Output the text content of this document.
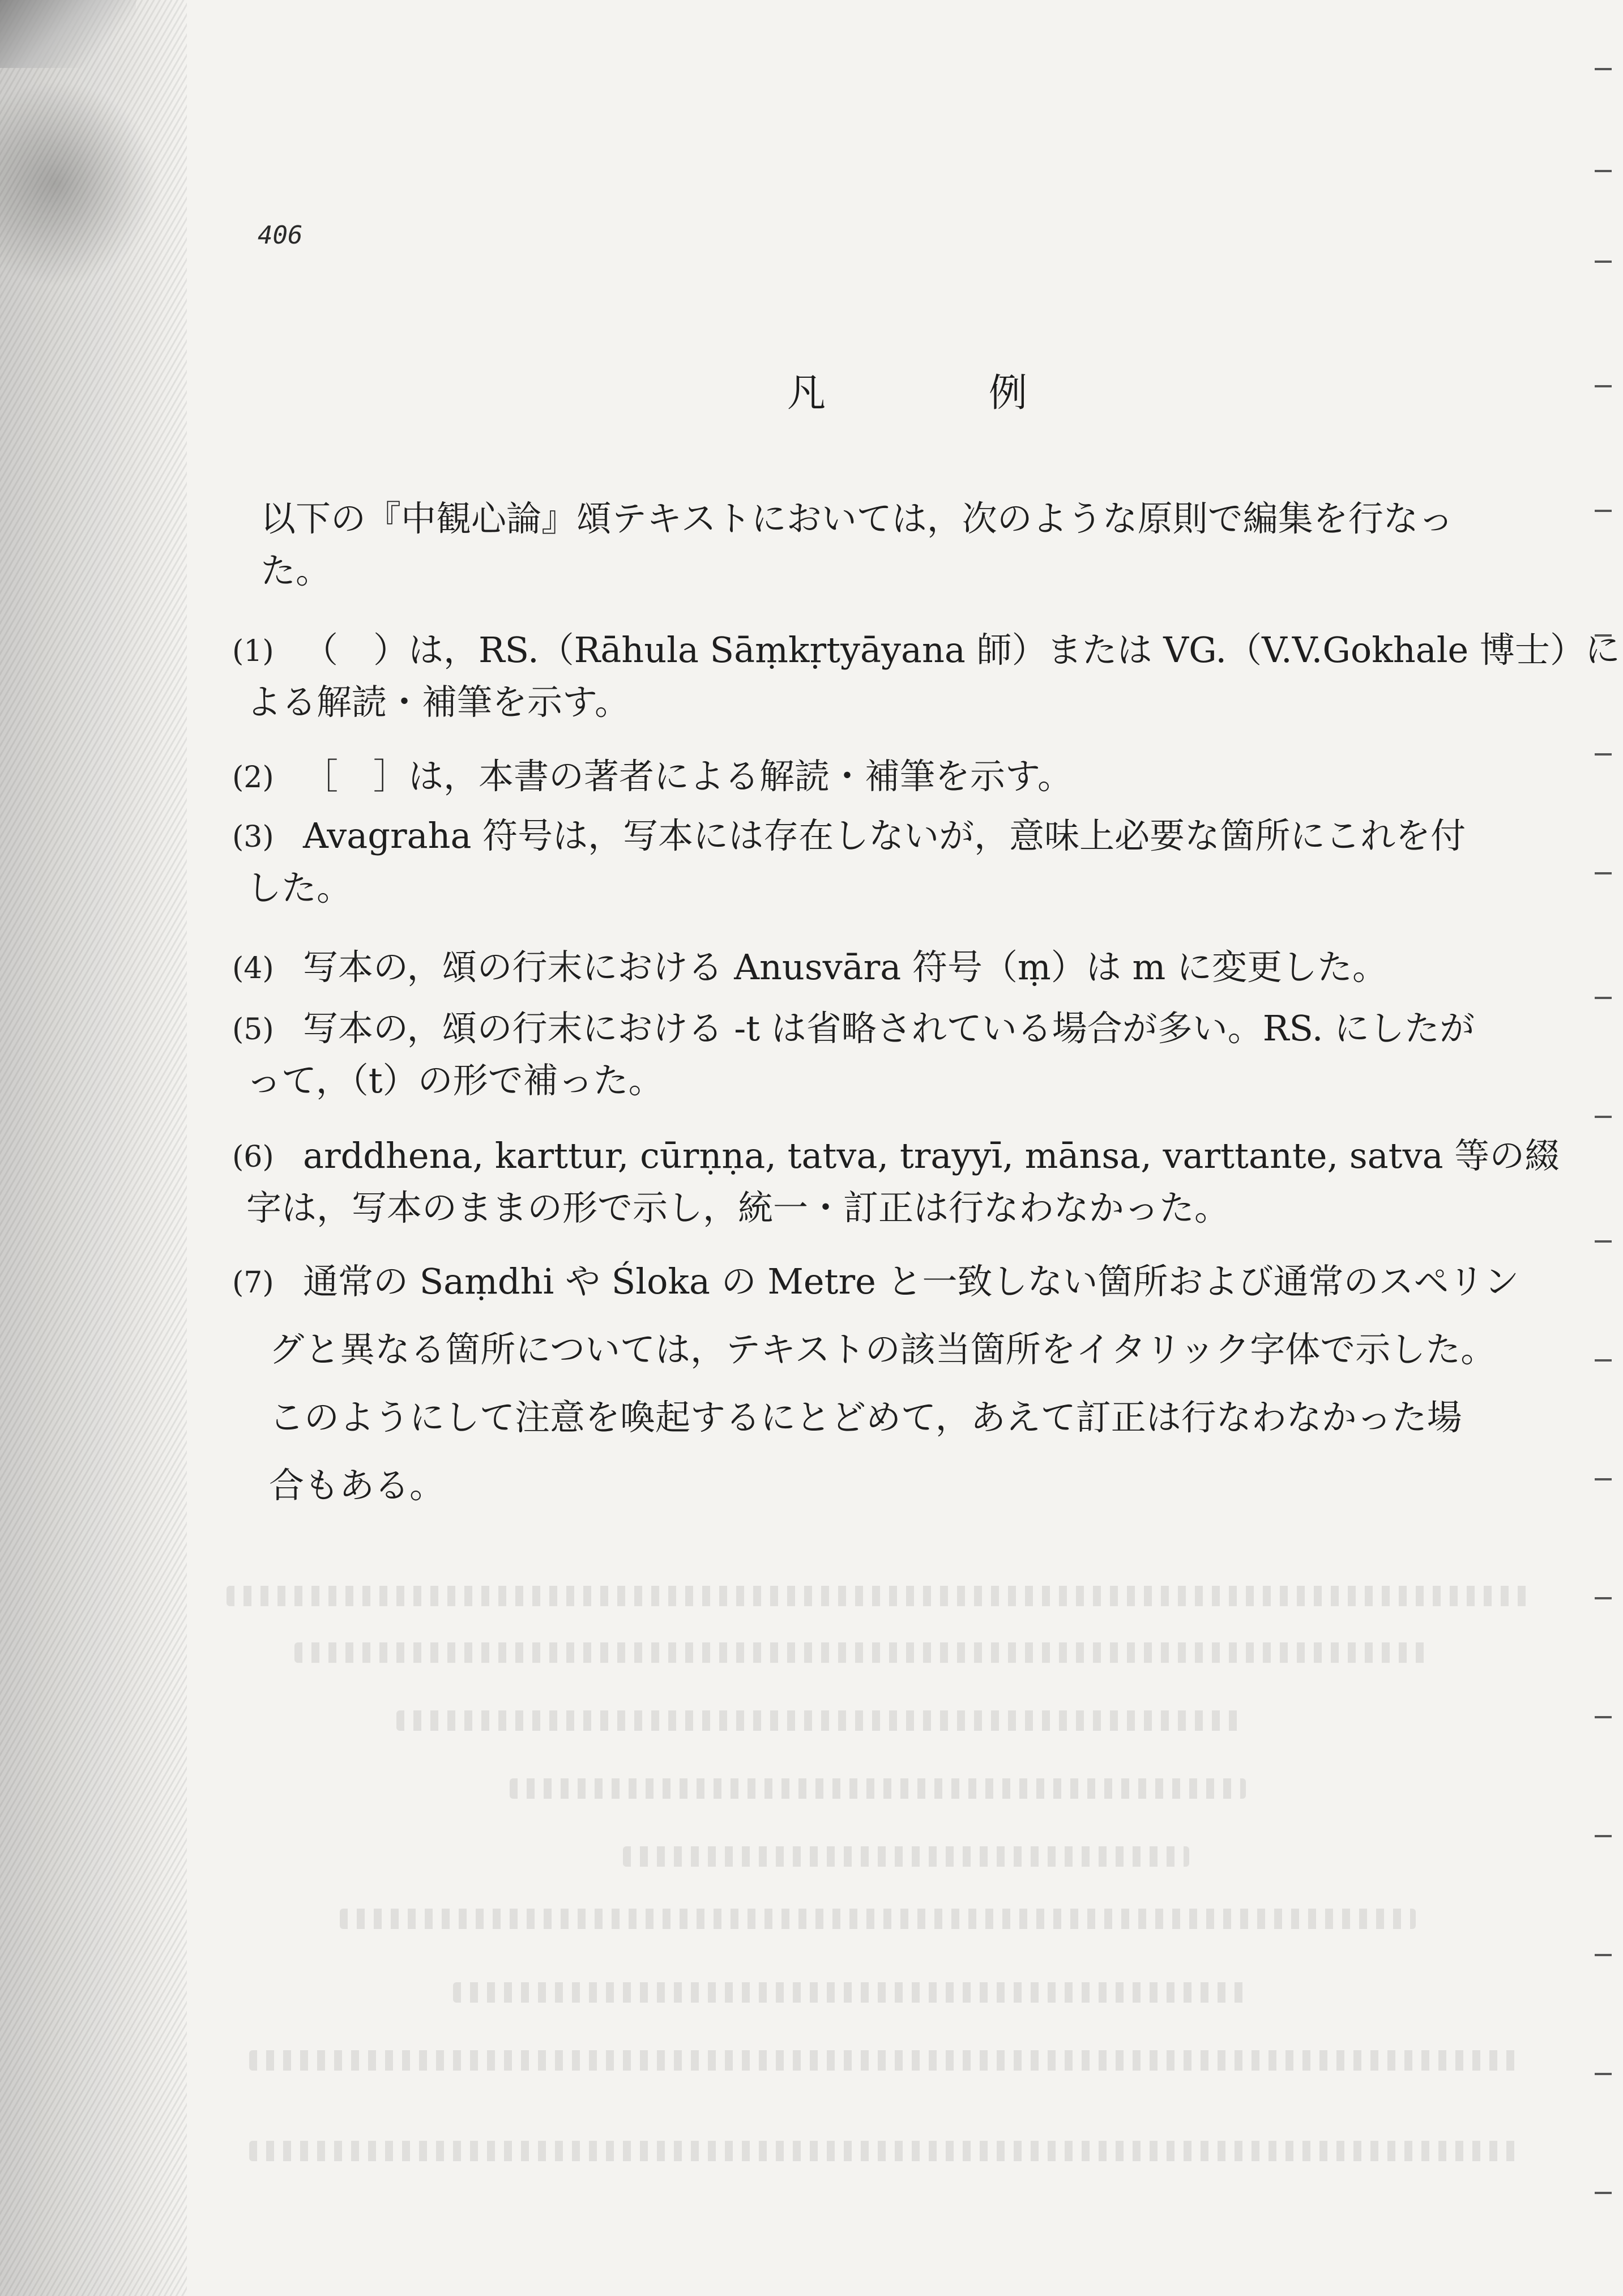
406
凡　例
以下の『中観心論』頌テキストにおいては，次のような原則で編集を行なっ
た。
(1) （　）は，RS.（Rāhula Sāṃkṛtyāyana 師）または VG.（V.V.Gokhale 博士）に
よる解読・補筆を示す。
(2) ［　］は，本書の著者による解読・補筆を示す。
(3) Avagraha 符号は，写本には存在しないが，意味上必要な箇所にこれを付
した。
(4) 写本の，頌の行末における Anusvāra 符号（ṃ）は m に変更した。
(5) 写本の，頌の行末における -t は省略されている場合が多い。RS. にしたが
って，（t）の形で補った。
(6) arddhena, karttur, cūrṇṇa, tatva, trayyī, mānsa, varttante, satva 等の綴
字は，写本のままの形で示し，統一・訂正は行なわなかった。
(7) 通常の Saṃdhi や Śloka の Metre と一致しない箇所および通常のスペリン
グと異なる箇所については，テキストの該当箇所をイタリック字体で示した。
このようにして注意を喚起するにとどめて，あえて訂正は行なわなかった場
合もある。
